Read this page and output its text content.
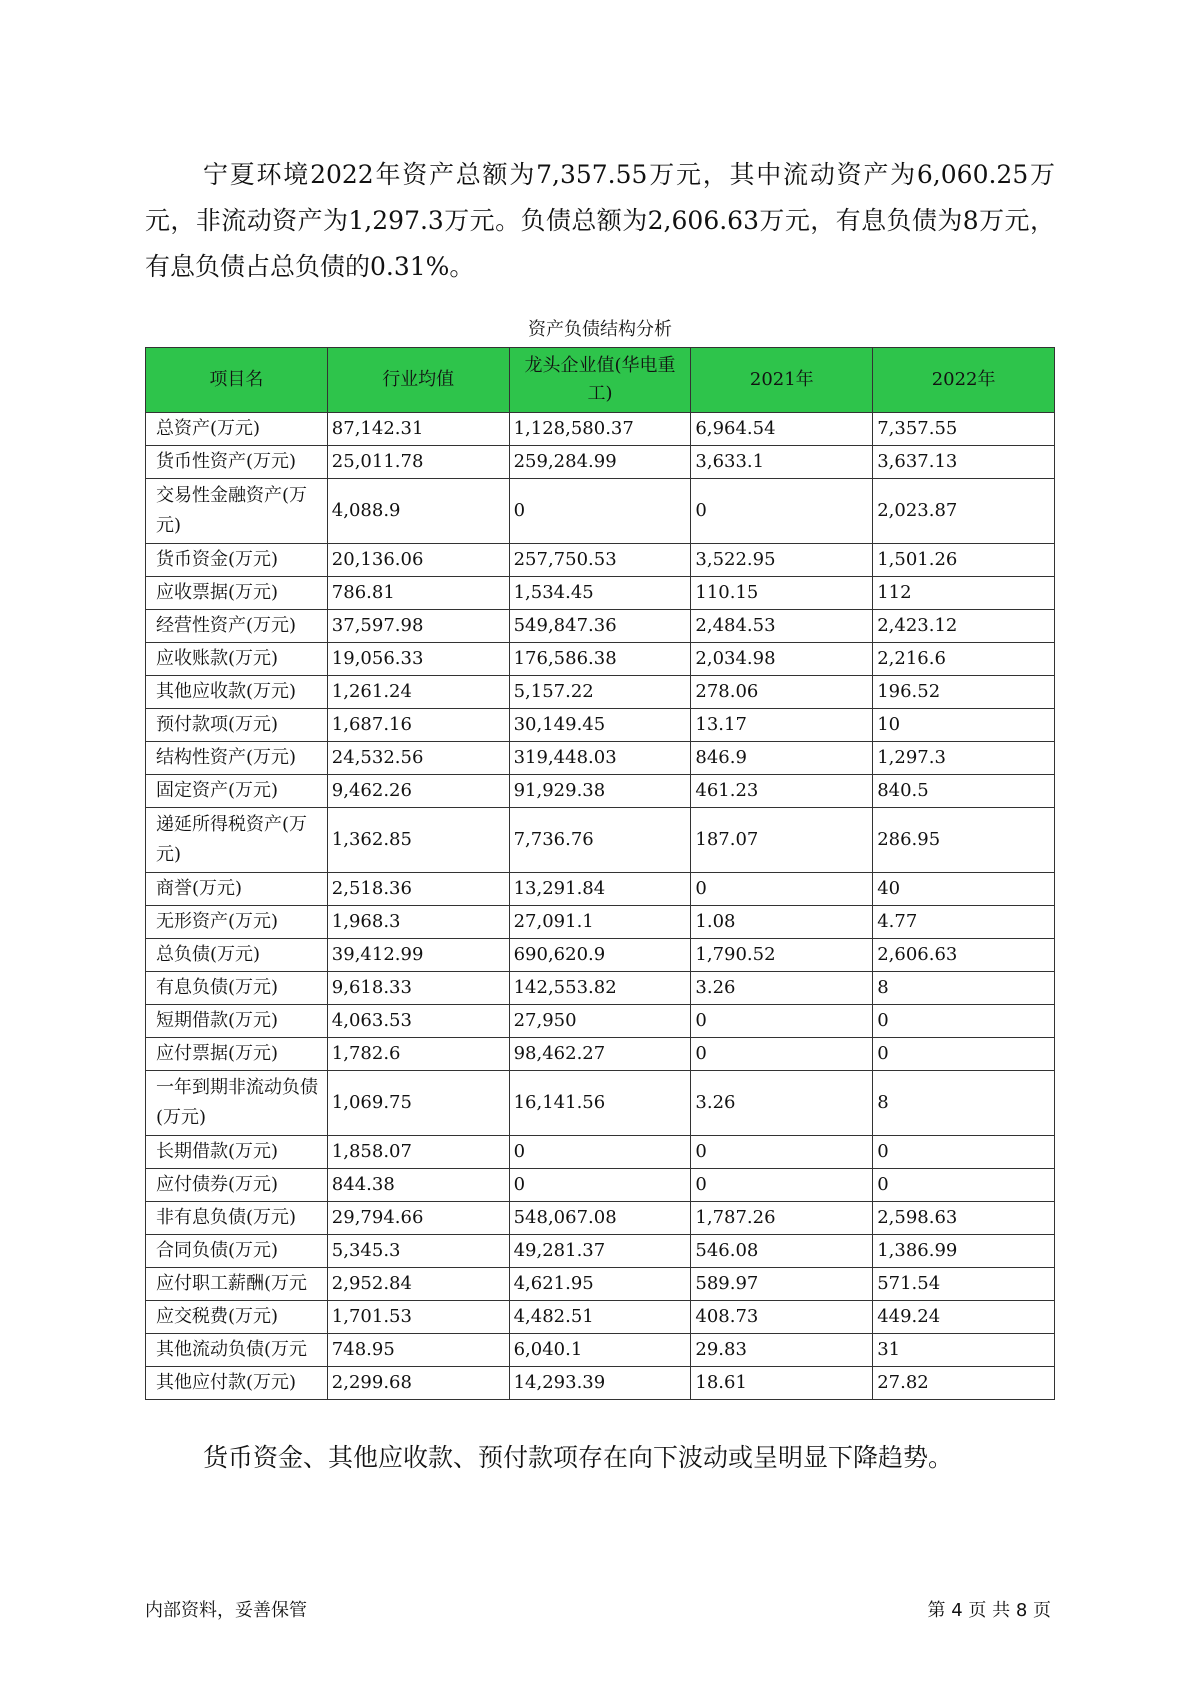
宁夏环境2022年资产总额为7,357.55万元，其中流动资产为6,060.25万元，非流动资产为1,297.3万元。负债总额为2,606.63万元，有息负债为8万元，有息负债占总负债的0.31%。

资产负债结构分析
项目名	行业均值	龙头企业值(华电重工)	2021年	2022年
总资产(万元)	87,142.31	1,128,580.37	6,964.54	7,357.55
货币性资产(万元)	25,011.78	259,284.99	3,633.1	3,637.13
交易性金融资产(万元)	4,088.9	0	0	2,023.87
货币资金(万元)	20,136.06	257,750.53	3,522.95	1,501.26
应收票据(万元)	786.81	1,534.45	110.15	112
经营性资产(万元)	37,597.98	549,847.36	2,484.53	2,423.12
应收账款(万元)	19,056.33	176,586.38	2,034.98	2,216.6
其他应收款(万元)	1,261.24	5,157.22	278.06	196.52
预付款项(万元)	1,687.16	30,149.45	13.17	10
结构性资产(万元)	24,532.56	319,448.03	846.9	1,297.3
固定资产(万元)	9,462.26	91,929.38	461.23	840.5
递延所得税资产(万元)	1,362.85	7,736.76	187.07	286.95
商誉(万元)	2,518.36	13,291.84	0	40
无形资产(万元)	1,968.3	27,091.1	1.08	4.77
总负债(万元)	39,412.99	690,620.9	1,790.52	2,606.63
有息负债(万元)	9,618.33	142,553.82	3.26	8
短期借款(万元)	4,063.53	27,950	0	0
应付票据(万元)	1,782.6	98,462.27	0	0
一年到期非流动负债(万元)	1,069.75	16,141.56	3.26	8
长期借款(万元)	1,858.07	0	0	0
应付债券(万元)	844.38	0	0	0
非有息负债(万元)	29,794.66	548,067.08	1,787.26	2,598.63
合同负债(万元)	5,345.3	49,281.37	546.08	1,386.99
应付职工薪酬(万元	2,952.84	4,621.95	589.97	571.54
应交税费(万元)	1,701.53	4,482.51	408.73	449.24
其他流动负债(万元	748.95	6,040.1	29.83	31
其他应付款(万元)	2,299.68	14,293.39	18.61	27.82

货币资金、其他应收款、预付款项存在向下波动或呈明显下降趋势。

内部资料，妥善保管	第 4 页 共 8 页
